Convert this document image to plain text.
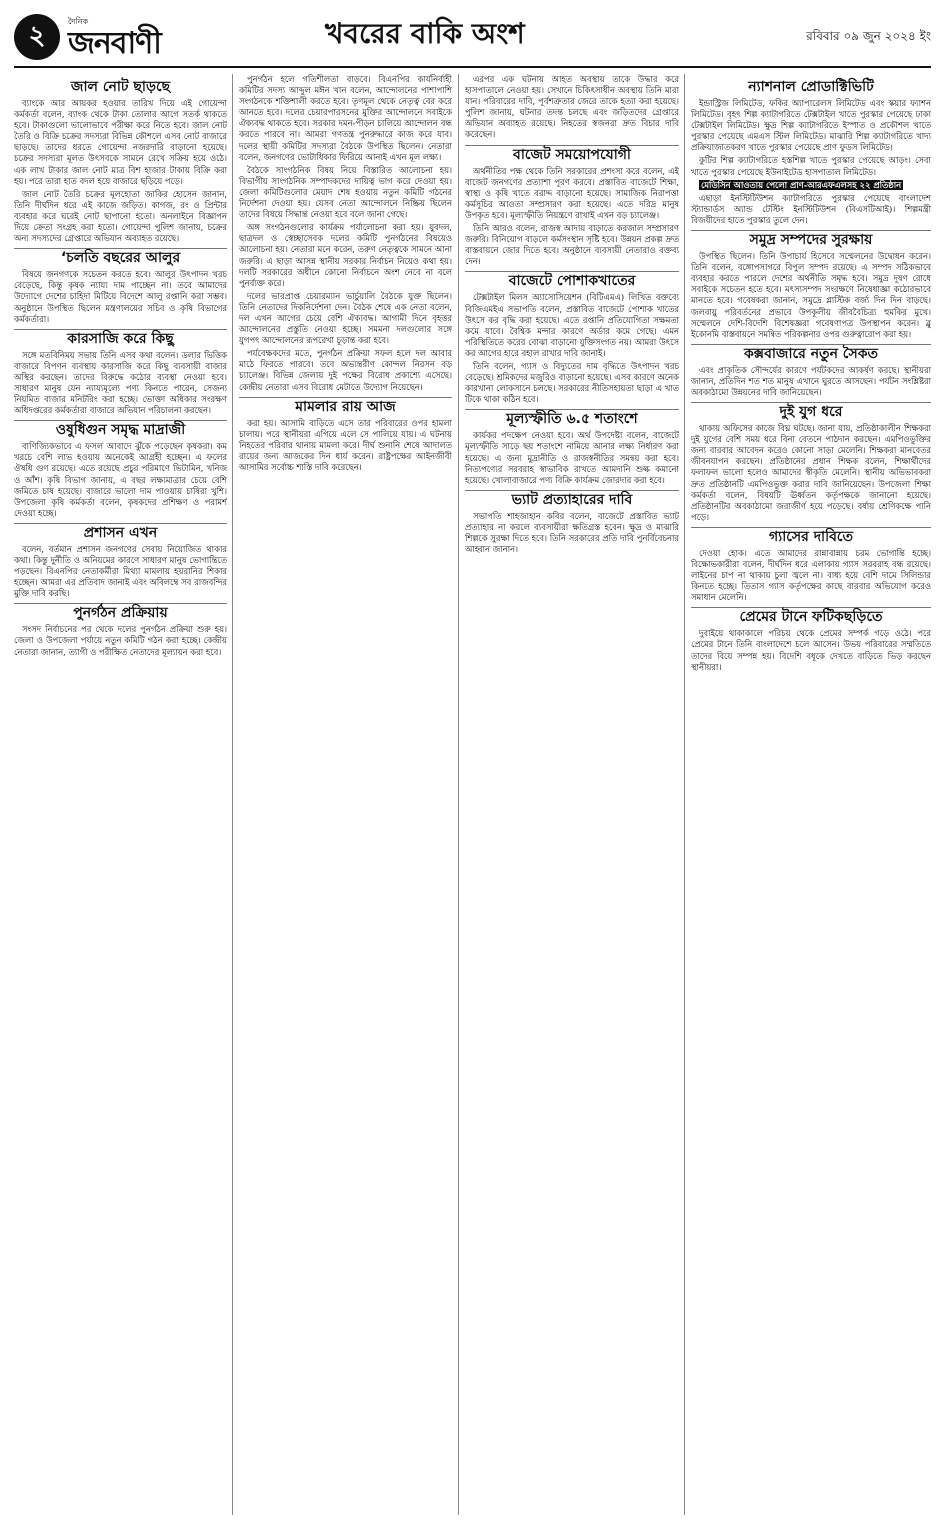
২	দৈনিক
জনবাণী	খবরের বাকি অংশ	রবিবার ০৯ জুন ২০২৪ ইং
জাল নোট ছাড়ছে

ব্যাংকে আর আয়কর হওয়ার তারিখ দিয়ে এই গোয়েন্দা কর্মকর্তা বলেন, ব্যাংক থেকে টাকা তোলার আগে সতর্ক থাকতে হবে। টাকাগুলো ভালোভাবে পরীক্ষা করে নিতে হবে। জাল নোট তৈরি ও বিক্রি চক্রের সদস্যরা বিভিন্ন কৌশলে এসব নোট বাজারে ছাড়ছে। তাদের ধরতে গোয়েন্দা নজরদারি বাড়ানো হয়েছে। চক্রের সদস্যরা মূলত উৎসবকে সামনে রেখে সক্রিয় হয়ে ওঠে। এক লাখ টাকার জাল নোট মাত্র বিশ হাজার টাকায় বিক্রি করা হয়। পরে তারা হাত বদল হয়ে বাজারে ছড়িয়ে পড়ে।

জাল নোট তৈরি চক্রের মূলহোতা জাকির হোসেন জানান, তিনি দীর্ঘদিন ধরে এই কাজে জড়িত। কাগজ, রং ও প্রিন্টার ব্যবহার করে ঘরেই নোট ছাপানো হতো। অনলাইনে বিজ্ঞাপন দিয়ে ক্রেতা সংগ্রহ করা হতো। গোয়েন্দা পুলিশ জানায়, চক্রের অন্য সদস্যদের গ্রেপ্তারে অভিযান অব্যাহত রয়েছে।

‘চলতি বছরের আলুর

বিষয়ে জনগণকে সচেতন করতে হবে। আলুর উৎপাদন খরচ বেড়েছে, কিন্তু কৃষক ন্যায্য দাম পাচ্ছেন না। তবে আমাদের উদ্যোগে দেশের চাহিদা মিটিয়ে বিদেশে আলু রপ্তানি করা সম্ভব। অনুষ্ঠানে উপস্থিত ছিলেন মন্ত্রণালয়ের সচিব ও কৃষি বিভাগের কর্মকর্তারা।

কারসাজি করে কিছু

সঙ্গে মতবিনিময় সভায় তিনি এসব কথা বলেন। ডলার ভিত্তিক বাজারে বিপণন ব্যবস্থায় কারসাজি করে কিছু ব্যবসায়ী বাজার অস্থির করছেন। তাদের বিরুদ্ধে কঠোর ব্যবস্থা নেওয়া হবে। সাধারণ মানুষ যেন ন্যায্যমূল্যে পণ্য কিনতে পারেন, সেজন্য নিয়মিত বাজার মনিটরিং করা হচ্ছে। ভোক্তা অধিকার সংরক্ষণ অধিদপ্তরের কর্মকর্তারা বাজারে অভিযান পরিচালনা করছেন।

ওষুধিগুন সমৃদ্ধ মাদ্রাজী

বাণিজ্যিকভাবে এ ফসল আবাদে ঝুঁকে পড়েছেন কৃষকরা। কম খরচে বেশি লাভ হওয়ায় অনেকেই আগ্রহী হচ্ছেন। এ ফলের ঔষধি গুণ রয়েছে। এতে রয়েছে প্রচুর পরিমাণে ভিটামিন, খনিজ ও আঁশ। কৃষি বিভাগ জানায়, এ বছর লক্ষ্যমাত্রার চেয়ে বেশি জমিতে চাষ হয়েছে। বাজারে ভালো দাম পাওয়ায় চাষিরা খুশি। উপজেলা কৃষি কর্মকর্তা বলেন, কৃষকদের প্রশিক্ষণ ও পরামর্শ দেওয়া হচ্ছে।

প্রশাসন এখন

বলেন, বর্তমান প্রশাসন জনগণের সেবায় নিয়োজিত থাকার কথা। কিন্তু দুর্নীতি ও অনিয়মের কারণে সাধারণ মানুষ ভোগান্তিতে পড়ছেন। বিএনপির নেতাকর্মীরা মিথ্যা মামলায় হয়রানির শিকার হচ্ছেন। আমরা এর প্রতিবাদ জানাই এবং অবিলম্বে সব রাজবন্দির মুক্তি দাবি করছি।

পুনর্গঠন প্রক্রিয়ায়

সংসদ নির্বাচনের পর থেকে দলের পুনর্গঠন প্রক্রিয়া শুরু হয়। জেলা ও উপজেলা পর্যায়ে নতুন কমিটি গঠন করা হচ্ছে। কেন্দ্রীয় নেতারা জানান, ত্যাগী ও পরীক্ষিত নেতাদের মূল্যায়ন করা হবে।

পুনর্গঠন হলে গতিশীলতা বাড়বে। বিএনপির কার্যনির্বাহী কমিটির সদস্য আব্দুল মঈন খান বলেন, আন্দোলনের পাশাপাশি সংগঠনকে শক্তিশালী করতে হবে। তৃণমূল থেকে নেতৃত্ব বের করে আনতে হবে। দলের চেয়ারপারসনের মুক্তির আন্দোলনে সবাইকে ঐক্যবদ্ধ থাকতে হবে। সরকার দমন-পীড়ন চালিয়ে আন্দোলন বন্ধ করতে পারবে না। আমরা গণতন্ত্র পুনরুদ্ধারে কাজ করে যাব। দলের স্থায়ী কমিটির সদস্যরা বৈঠকে উপস্থিত ছিলেন। নেতারা বলেন, জনগণের ভোটাধিকার ফিরিয়ে আনাই এখন মূল লক্ষ্য।

বৈঠকে সাংগঠনিক বিষয় নিয়ে বিস্তারিত আলোচনা হয়। বিভাগীয় সাংগঠনিক সম্পাদকদের দায়িত্ব ভাগ করে দেওয়া হয়। জেলা কমিটিগুলোর মেয়াদ শেষ হওয়ায় নতুন কমিটি গঠনের নির্দেশনা দেওয়া হয়। যেসব নেতা আন্দোলনে নিষ্ক্রিয় ছিলেন তাদের বিষয়ে সিদ্ধান্ত নেওয়া হবে বলে জানা গেছে।

অঙ্গ সংগঠনগুলোর কার্যক্রম পর্যালোচনা করা হয়। যুবদল, ছাত্রদল ও স্বেচ্ছাসেবক দলের কমিটি পুনর্গঠনের বিষয়েও আলোচনা হয়। নেতারা মনে করেন, তরুণ নেতৃত্বকে সামনে আনা জরুরি। এ ছাড়া আসন্ন স্থানীয় সরকার নির্বাচন নিয়েও কথা হয়। দলটি সরকারের অধীনে কোনো নির্বাচনে অংশ নেবে না বলে পুনর্ব্যক্ত করে।

দলের ভারপ্রাপ্ত চেয়ারম্যান ভার্চুয়ালি বৈঠকে যুক্ত ছিলেন। তিনি নেতাদের দিকনির্দেশনা দেন। বৈঠক শেষে এক নেতা বলেন, দল এখন আগের চেয়ে বেশি ঐক্যবদ্ধ। আগামী দিনে বৃহত্তর আন্দোলনের প্রস্তুতি নেওয়া হচ্ছে। সমমনা দলগুলোর সঙ্গে যুগপৎ আন্দোলনের রূপরেখা চূড়ান্ত করা হবে।

পর্যবেক্ষকদের মতে, পুনর্গঠন প্রক্রিয়া সফল হলে দল আবার মাঠে ফিরতে পারবে। তবে অভ্যন্তরীণ কোন্দল নিরসন বড় চ্যালেঞ্জ। বিভিন্ন জেলায় দুই পক্ষের বিরোধ প্রকাশ্যে এসেছে। কেন্দ্রীয় নেতারা এসব বিরোধ মেটাতে উদ্যোগ নিয়েছেন।

মামলার রায় আজ

করা হয়। আসামি বাড়িতে এসে তার পরিবারের ওপর হামলা চালায়। পরে স্থানীয়রা এগিয়ে এলে সে পালিয়ে যায়। এ ঘটনায় নিহতের পরিবার থানায় মামলা করে। দীর্ঘ শুনানি শেষে আদালত রায়ের জন্য আজকের দিন ধার্য করেন। রাষ্ট্রপক্ষের আইনজীবী আসামির সর্বোচ্চ শাস্তি দাবি করেছেন।

এরপর এক ঘটনায় আহত অবস্থায় তাকে উদ্ধার করে হাসপাতালে নেওয়া হয়। সেখানে চিকিৎসাধীন অবস্থায় তিনি মারা যান। পরিবারের দাবি, পূর্বশত্রুতার জেরে তাকে হত্যা করা হয়েছে। পুলিশ জানায়, ঘটনার তদন্ত চলছে এবং জড়িতদের গ্রেপ্তারে অভিযান অব্যাহত রয়েছে। নিহতের স্বজনরা দ্রুত বিচার দাবি করেছেন।

বাজেট সময়োপযোগী

অর্থনীতির পক্ষ থেকে তিনি সরকারের প্রশংসা করে বলেন, এই বাজেট জনগণের প্রত্যাশা পূরণ করবে। প্রস্তাবিত বাজেটে শিক্ষা, স্বাস্থ্য ও কৃষি খাতে বরাদ্দ বাড়ানো হয়েছে। সামাজিক নিরাপত্তা কর্মসূচির আওতা সম্প্রসারণ করা হয়েছে। এতে দরিদ্র মানুষ উপকৃত হবে। মূল্যস্ফীতি নিয়ন্ত্রণে রাখাই এখন বড় চ্যালেঞ্জ।

তিনি আরও বলেন, রাজস্ব আদায় বাড়াতে করজাল সম্প্রসারণ জরুরি। বিনিয়োগ বাড়লে কর্মসংস্থান সৃষ্টি হবে। উন্নয়ন প্রকল্প দ্রুত বাস্তবায়নে জোর দিতে হবে। অনুষ্ঠানে ব্যবসায়ী নেতারাও বক্তব্য দেন।

বাজেটে পোশাকখাতের

টেক্সটাইল মিলস অ্যাসোসিয়েশন (বিটিএমএ) লিখিত বক্তব্যে বিজিএমইএ সভাপতি বলেন, প্রস্তাবিত বাজেটে পোশাক খাতের উৎসে কর বৃদ্ধি করা হয়েছে। এতে রপ্তানি প্রতিযোগিতা সক্ষমতা কমে যাবে। বৈশ্বিক মন্দার কারণে অর্ডার কমে গেছে। এমন পরিস্থিতিতে করের বোঝা বাড়ানো যুক্তিসংগত নয়। আমরা উৎসে কর আগের হারে বহাল রাখার দাবি জানাই।

তিনি বলেন, গ্যাস ও বিদ্যুতের দাম বৃদ্ধিতে উৎপাদন খরচ বেড়েছে। শ্রমিকদের মজুরিও বাড়ানো হয়েছে। এসব কারণে অনেক কারখানা লোকসানে চলছে। সরকারের নীতিসহায়তা ছাড়া এ খাত টিকে থাকা কঠিন হবে।

মূল্যস্ফীতি ৬.৫ শতাংশে

কার্যকর পদক্ষেপ নেওয়া হবে। অর্থ উপদেষ্টা বলেন, বাজেটে মূল্যস্ফীতি সাড়ে ছয় শতাংশে নামিয়ে আনার লক্ষ্য নির্ধারণ করা হয়েছে। এ জন্য মুদ্রানীতি ও রাজস্বনীতির সমন্বয় করা হবে। নিত্যপণ্যের সরবরাহ স্বাভাবিক রাখতে আমদানি শুল্ক কমানো হয়েছে। খোলাবাজারে পণ্য বিক্রি কার্যক্রম জোরদার করা হবে।

ভ্যাট প্রত্যাহারের দাবি

সভাপতি শাহজাহান কবির বলেন, বাজেটে প্রস্তাবিত ভ্যাট প্রত্যাহার না করলে ব্যবসায়ীরা ক্ষতিগ্রস্ত হবেন। ক্ষুদ্র ও মাঝারি শিল্পকে সুরক্ষা দিতে হবে। তিনি সরকারের প্রতি দাবি পুনর্বিবেচনার আহ্বান জানান।

ন্যাশনাল প্রোডাক্টিভিটি

ইন্ডাস্ট্রিজ লিমিটেড, ফকির অ্যাপারেলস লিমিটেড এবং স্কয়ার ফ্যাশন লিমিটেড। বৃহৎ শিল্প ক্যাটাগরিতে টেক্সটাইল খাতে পুরস্কার পেয়েছে ঢাকা টেক্সটাইল লিমিটেড। ক্ষুদ্র শিল্প ক্যাটাগরিতে ইস্পাত ও প্রকৌশল খাতে পুরস্কার পেয়েছে এমএস স্টিল লিমিটেড। মাঝারি শিল্প ক্যাটাগরিতে খাদ্য প্রক্রিয়াজাতকরণ খাতে পুরস্কার পেয়েছে প্রাণ ফুডস লিমিটেড।

কুটির শিল্প ক্যাটাগরিতে হস্তশিল্প খাতে পুরস্কার পেয়েছে আড়ং। সেবা খাতে পুরস্কার পেয়েছে ইউনাইটেড হাসপাতাল লিমিটেড।

মেডিসিন আওতায় পেলো প্রাণ-আরএফএলসহ ২২ প্রতিষ্ঠান

এছাড়া ইনস্টিটিউশন ক্যাটাগরিতে পুরস্কার পেয়েছে বাংলাদেশ স্ট্যান্ডার্ডস অ্যান্ড টেস্টিং ইনস্টিটিউশন (বিএসটিআই)। শিল্পমন্ত্রী বিজয়ীদের হাতে পুরস্কার তুলে দেন।

সমুদ্র সম্পদের সুরক্ষায়

উপস্থিত ছিলেন। তিনি উপাচার্য হিসেবে সম্মেলনের উদ্বোধন করেন। তিনি বলেন, বঙ্গোপসাগরে বিপুল সম্পদ রয়েছে। এ সম্পদ সঠিকভাবে ব্যবহার করতে পারলে দেশের অর্থনীতি সমৃদ্ধ হবে। সমুদ্র দূষণ রোধে সবাইকে সচেতন হতে হবে। মৎস্যসম্পদ সংরক্ষণে নিষেধাজ্ঞা কঠোরভাবে মানতে হবে। গবেষকরা জানান, সমুদ্রে প্লাস্টিক বর্জ্য দিন দিন বাড়ছে। জলবায়ু পরিবর্তনের প্রভাবে উপকূলীয় জীববৈচিত্র্য হুমকির মুখে। সম্মেলনে দেশি-বিদেশি বিশেষজ্ঞরা গবেষণাপত্র উপস্থাপন করেন। ব্লু ইকোনমি বাস্তবায়নে সমন্বিত পরিকল্পনার ওপর গুরুত্বারোপ করা হয়।

কক্সবাজারে নতুন সৈকত

এবং প্রাকৃতিক সৌন্দর্যের কারণে পর্যটকদের আকর্ষণ করছে। স্থানীয়রা জানান, প্রতিদিন শত শত মানুষ এখানে ঘুরতে আসছেন। পর্যটন সংশ্লিষ্টরা অবকাঠামো উন্নয়নের দাবি জানিয়েছেন।

দুই যুগ ধরে

থাকায় অফিসের কাজে বিঘ্ন ঘটছে। জানা যায়, প্রতিষ্ঠাকালীন শিক্ষকরা দুই যুগের বেশি সময় ধরে বিনা বেতনে পাঠদান করছেন। এমপিওভুক্তির জন্য বারবার আবেদন করেও কোনো সাড়া মেলেনি। শিক্ষকরা মানবেতর জীবনযাপন করছেন। প্রতিষ্ঠানের প্রধান শিক্ষক বলেন, শিক্ষার্থীদের ফলাফল ভালো হলেও আমাদের স্বীকৃতি মেলেনি। স্থানীয় অভিভাবকরা দ্রুত প্রতিষ্ঠানটি এমপিওভুক্ত করার দাবি জানিয়েছেন। উপজেলা শিক্ষা কর্মকর্তা বলেন, বিষয়টি ঊর্ধ্বতন কর্তৃপক্ষকে জানানো হয়েছে। প্রতিষ্ঠানটির অবকাঠামো জরাজীর্ণ হয়ে পড়েছে। বর্ষায় শ্রেণিকক্ষে পানি পড়ে।

গ্যাসের দাবিতে

দেওয়া হোক। এতে আমাদের রান্নাবান্নায় চরম ভোগান্তি হচ্ছে। বিক্ষোভকারীরা বলেন, দীর্ঘদিন ধরে এলাকায় গ্যাস সরবরাহ বন্ধ রয়েছে। লাইনের চাপ না থাকায় চুলা জ্বলে না। বাধ্য হয়ে বেশি দামে সিলিন্ডার কিনতে হচ্ছে। তিতাস গ্যাস কর্তৃপক্ষের কাছে বারবার অভিযোগ করেও সমাধান মেলেনি।

প্রেমের টানে ফটিকছড়িতে

দুবাইয়ে থাকাকালে পরিচয় থেকে প্রেমের সম্পর্ক গড়ে ওঠে। পরে প্রেমের টানে তিনি বাংলাদেশে চলে আসেন। উভয় পরিবারের সম্মতিতে তাদের বিয়ে সম্পন্ন হয়। বিদেশি বধূকে দেখতে বাড়িতে ভিড় করছেন স্থানীয়রা।
